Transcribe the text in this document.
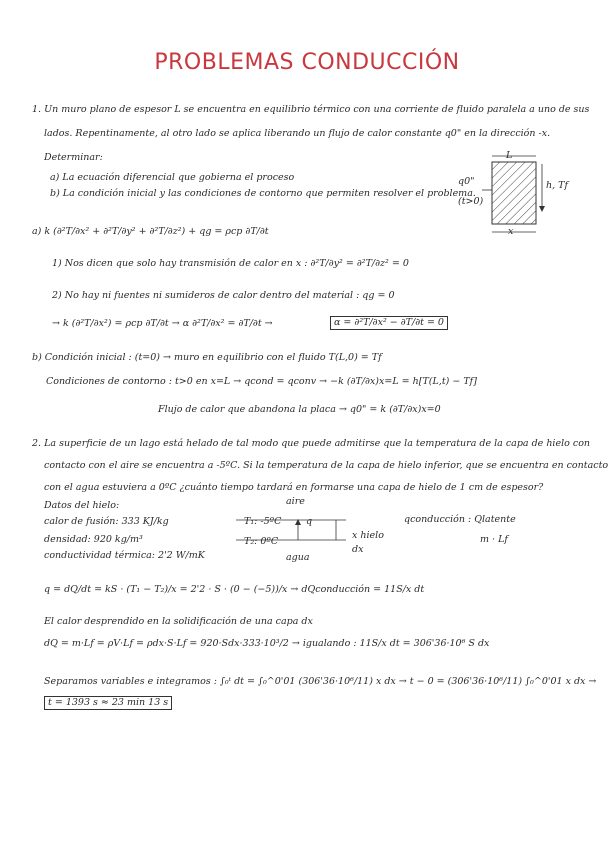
PROBLEMAS CONDUCCIÓN
1. Un muro plano de espesor L se encuentra en equilibrio térmico con una corriente de fluido paralela a uno de sus
lados. Repentinamente, al otro lado se aplica liberando un flujo de calor constante q0" en la dirección -x.
Determinar:
a) La ecuación diferencial que gobierna el proceso
b) La condición inicial y las condiciones de contorno que permiten resolver el problema.
L
q0"
(t>0)
h, Tf
x
a) k (∂²T/∂x² + ∂²T/∂y² + ∂²T/∂z²) + qg = ρcp ∂T/∂t
1) Nos dicen que solo hay transmisión de calor en x : ∂²T/∂y² = ∂²T/∂z² = 0
2) No hay ni fuentes ni sumideros de calor dentro del material : qg = 0
→ k (∂²T/∂x²) = ρcp ∂T/∂t → α ∂²T/∂x² = ∂T/∂t →	α = ∂²T/∂x² − ∂T/∂t = 0
b) Condición inicial : (t=0) → muro en equilibrio con el fluido T(L,0) = Tf
Condiciones de contorno : t>0 en x=L → qcond = qconv → −k (∂T/∂x)x=L = h[T(L,t) − Tf]
Flujo de calor que abandona la placa → q0" = k (∂T/∂x)x=0
2. La superficie de un lago está helado de tal modo que puede admitirse que la temperatura de la capa de hielo con
contacto con el aire se encuentra a -5ºC. Si la temperatura de la capa de hielo inferior, que se encuentra en contacto
con el agua estuviera a 0ºC ¿cuánto tiempo tardará en formarse una capa de hielo de 1 cm de espesor?
Datos del hielo:
calor de fusión: 333 KJ/kg
densidad: 920 kg/m³
conductividad térmica: 2'2 W/mK
aire
T₁: -5ºC
T₂: 0ºC
q
x hielo
dx
agua
qconducción : Qlatente
m · Lf
q = dQ/dt = kS · (T₁ − T₂)/x = 2'2 · S · (0 − (−5))/x → dQconducción = 11S/x dt
El calor desprendido en la solidificación de una capa dx
dQ = m·Lf = ρV·Lf = ρdx·S·Lf = 920·Sdx·333·10³/2 → igualando : 11S/x dt = 306'36·10⁶ S dx
Separamos variables e integramos : ∫₀ᵗ dt = ∫₀^0'01 (306'36·10⁶/11) x dx → t − 0 = (306'36·10⁶/11) ∫₀^0'01 x dx →
t = 1393 s ≈ 23 min 13 s
